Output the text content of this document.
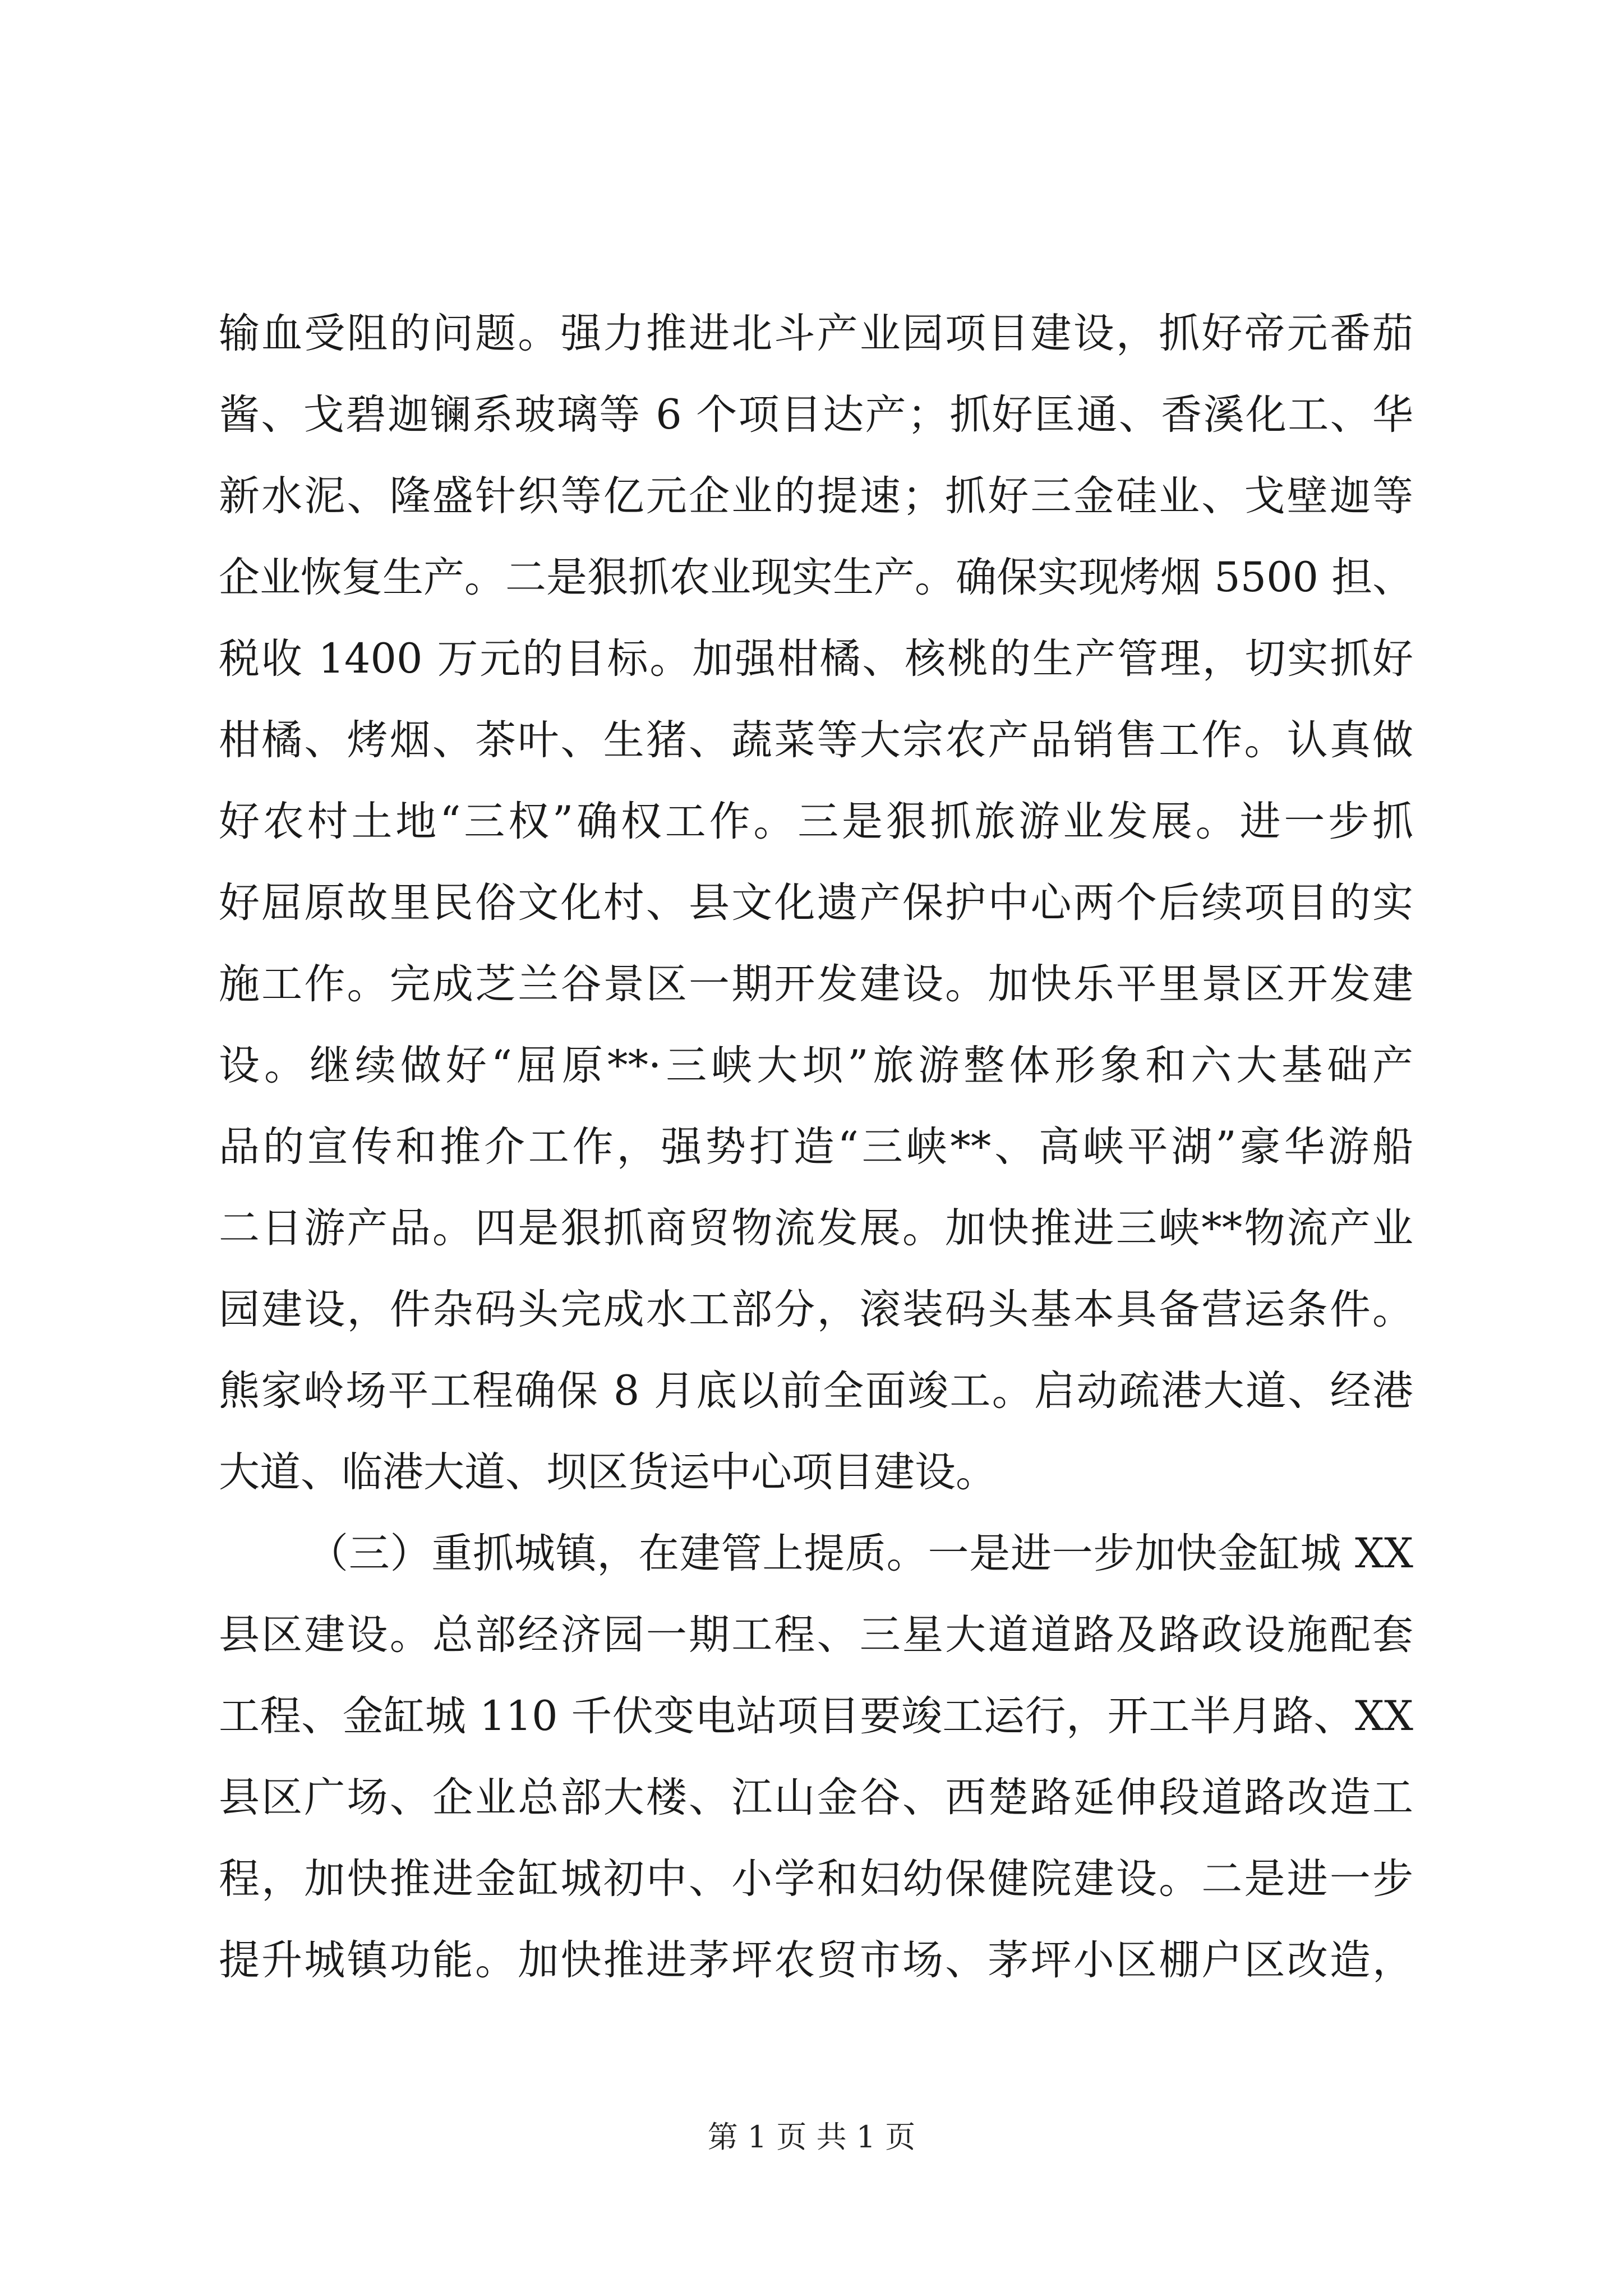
输血受阻的问题。强力推进北斗产业园项目建设，抓好帝元番茄

酱、戈碧迦镧系玻璃等 6 个项目达产；抓好匡通、香溪化工、华

新水泥、隆盛针织等亿元企业的提速；抓好三金硅业、戈壁迦等

企业恢复生产。二是狠抓农业现实生产。确保实现烤烟 5500 担、

税收 1400 万元的目标。加强柑橘、核桃的生产管理，切实抓好

柑橘、烤烟、茶叶、生猪、蔬菜等大宗农产品销售工作。认真做

好农村土地“三权”确权工作。三是狠抓旅游业发展。进一步抓

好屈原故里民俗文化村、县文化遗产保护中心两个后续项目的实

施工作。完成芝兰谷景区一期开发建设。加快乐平里景区开发建

设。继续做好“屈原**·三峡大坝”旅游整体形象和六大基础产

品的宣传和推介工作，强势打造“三峡**、高峡平湖”豪华游船

二日游产品。四是狠抓商贸物流发展。加快推进三峡**物流产业

园建设，件杂码头完成水工部分，滚装码头基本具备营运条件。

熊家岭场平工程确保 8 月底以前全面竣工。启动疏港大道、经港

大道、临港大道、坝区货运中心项目建设。

（三）重抓城镇，在建管上提质。一是进一步加快金缸城 XX

县区建设。总部经济园一期工程、三星大道道路及路政设施配套

工程、金缸城 110 千伏变电站项目要竣工运行，开工半月路、XX

县区广场、企业总部大楼、江山金谷、西楚路延伸段道路改造工

程，加快推进金缸城初中、小学和妇幼保健院建设。二是进一步

提升城镇功能。加快推进茅坪农贸市场、茅坪小区棚户区改造，

第 1 页 共 1 页
